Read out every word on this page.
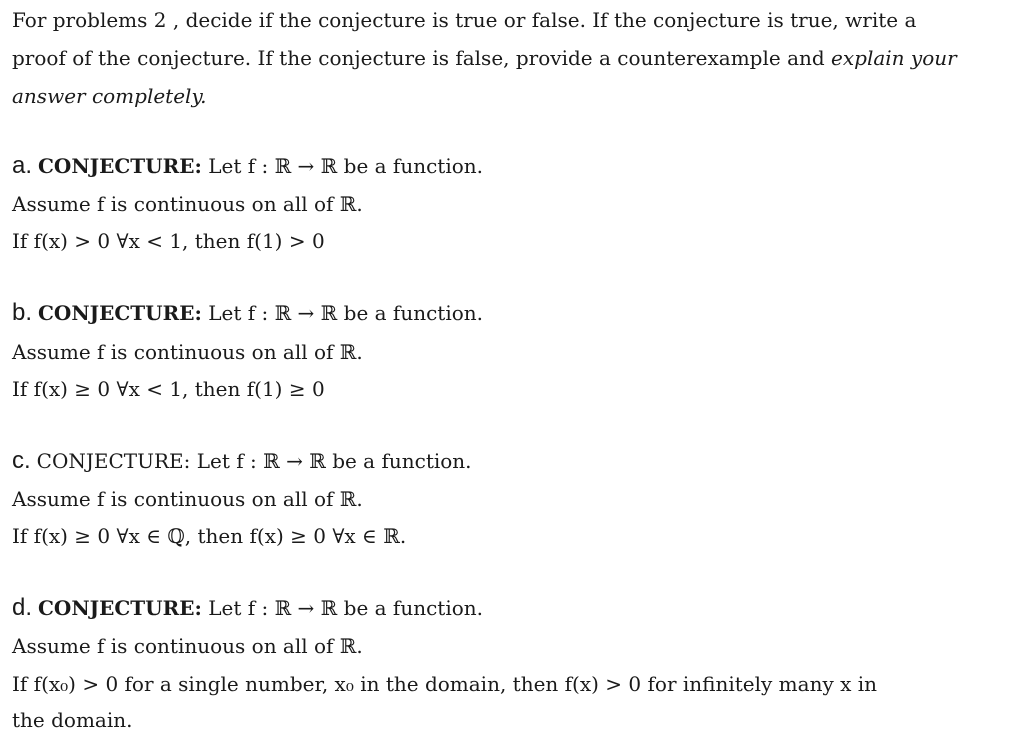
For problems 2 , decide if the conjecture is true or false. If the conjecture is true, write a
proof of the conjecture. If the conjecture is false, provide a counterexample and explain your
answer completely.
a. CONJECTURE: Let f : ℝ → ℝ be a function.
Assume f is continuous on all of ℝ.
If f(x) > 0 ∀x < 1, then f(1) > 0
b. CONJECTURE: Let f : ℝ → ℝ be a function.
Assume f is continuous on all of ℝ.
If f(x) ≥ 0 ∀x < 1, then f(1) ≥ 0
c. CONJECTURE: Let f : ℝ → ℝ be a function.
Assume f is continuous on all of ℝ.
If f(x) ≥ 0 ∀x ∈ ℚ, then f(x) ≥ 0 ∀x ∈ ℝ.
d. CONJECTURE: Let f : ℝ → ℝ be a function.
Assume f is continuous on all of ℝ.
If f(x₀) > 0 for a single number, x₀ in the domain, then f(x) > 0 for infinitely many x in
the domain.
